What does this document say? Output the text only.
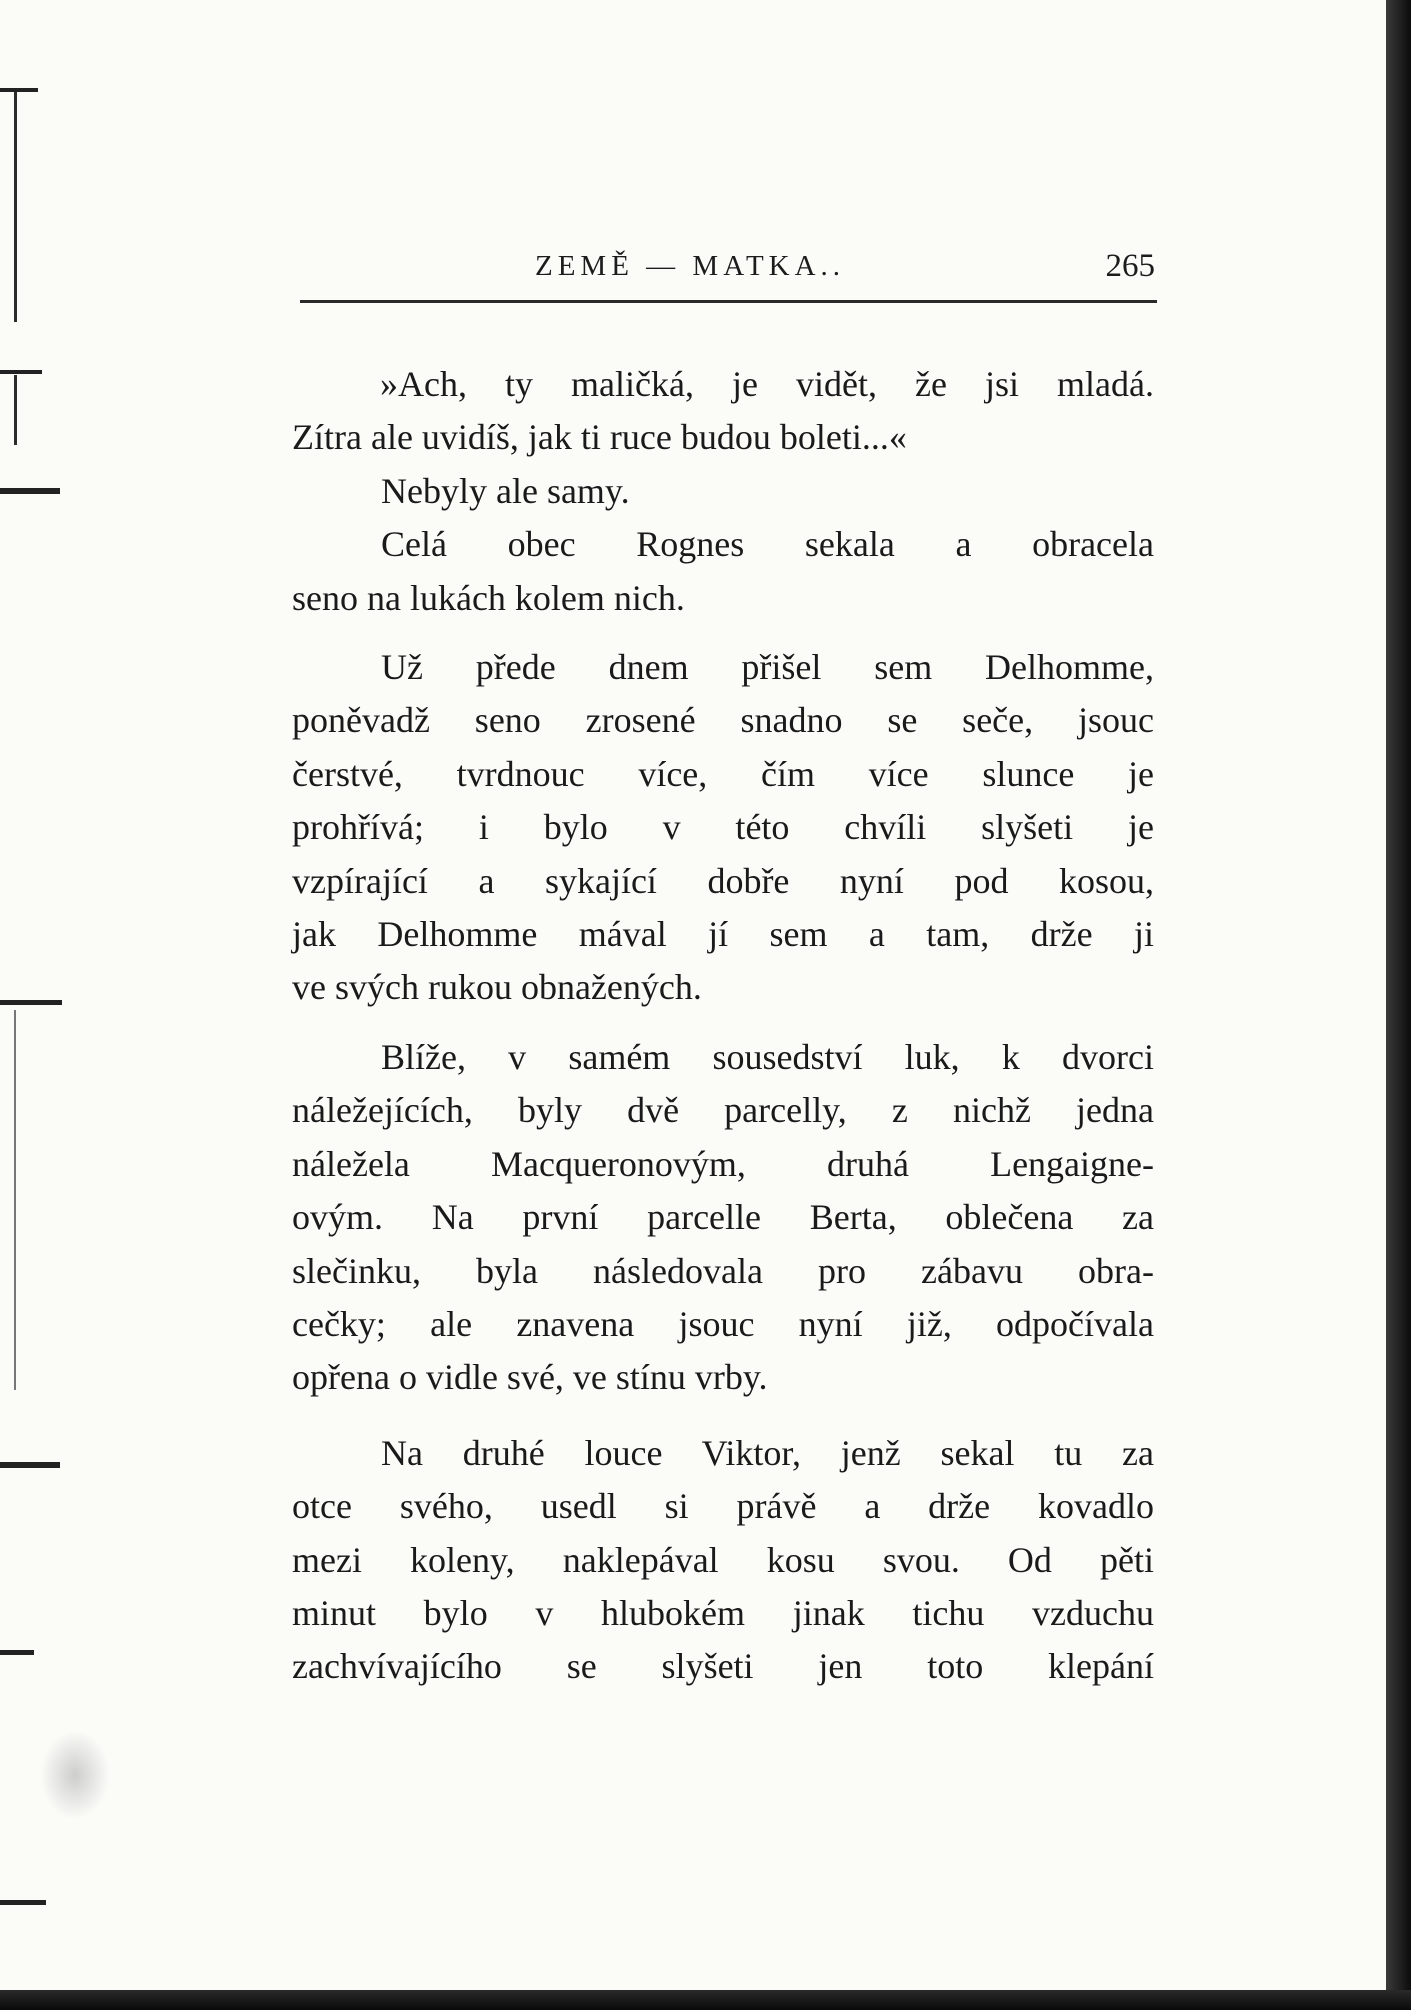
ZEMĚ — MATKA..	265
»Ach, ty maličká, je vidět, že jsi mladá.
Zítra ale uvidíš, jak ti ruce budou boleti...«
Nebyly ale samy.
Celá obec Rognes sekala a obracela
seno na lukách kolem nich.
Už přede dnem přišel sem Delhomme,
poněvadž seno zrosené snadno se seče, jsouc
čerstvé, tvrdnouc více, čím více slunce je
prohřívá; i bylo v této chvíli slyšeti je
vzpírající a sykající dobře nyní pod kosou,
jak Delhomme mával jí sem a tam, drže ji
ve svých rukou obnažených.
Blíže, v samém sousedství luk, k dvorci
náležejících, byly dvě parcelly, z nichž jedna
náležela Macqueronovým, druhá Lengaigne-
ovým. Na první parcelle Berta, oblečena za
slečinku, byla následovala pro zábavu obra-
cečky; ale znavena jsouc nyní již, odpočívala
opřena o vidle své, ve stínu vrby.
Na druhé louce Viktor, jenž sekal tu za
otce svého, usedl si právě a drže kovadlo
mezi koleny, naklepával kosu svou. Od pěti
minut bylo v hlubokém jinak tichu vzduchu
zachvívajícího se slyšeti jen toto klepání
